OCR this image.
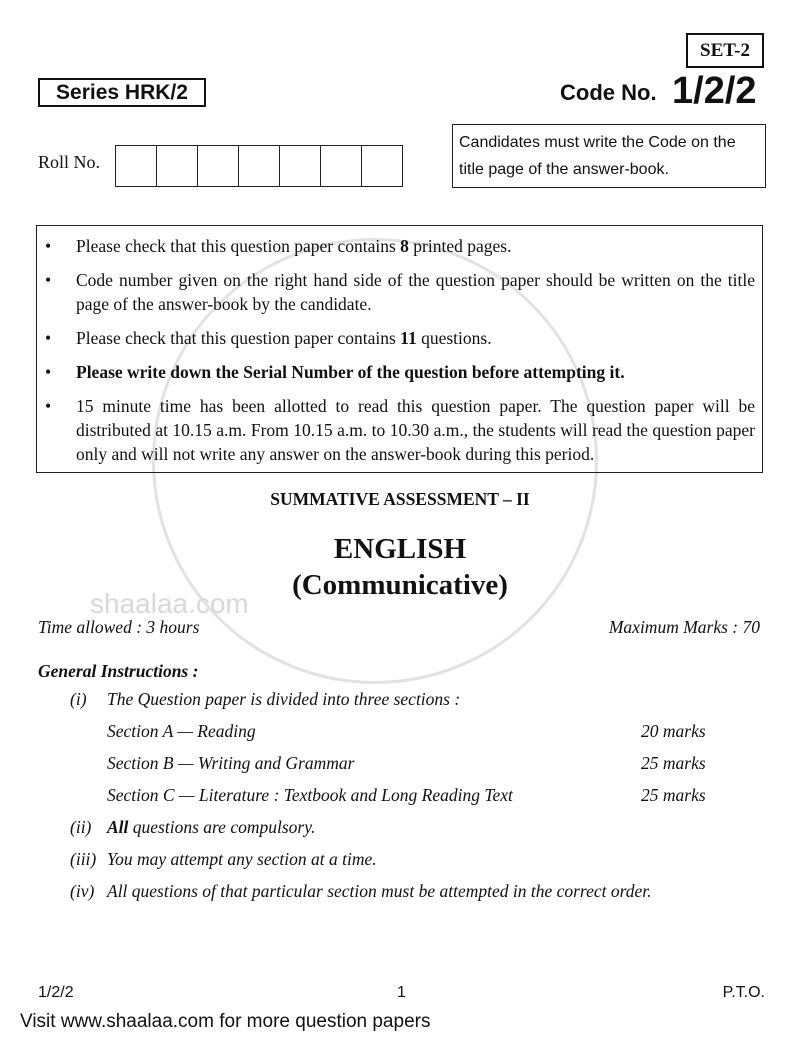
shaalaa.com
SET-2
Series HRK/2	Code No. 1/2/2
Roll No.
Candidates must write the Code on the
title page of the answer-book.
• Please check that this question paper contains 8 printed pages.
• Code number given on the right hand side of the question paper should be written on the title page of the answer-book by the candidate.
• Please check that this question paper contains 11 questions.
• Please write down the Serial Number of the question before attempting it.
• 15 minute time has been allotted to read this question paper. The question paper will be distributed at 10.15 a.m. From 10.15 a.m. to 10.30 a.m., the students will read the question paper only and will not write any answer on the answer-book during this period.
SUMMATIVE ASSESSMENT – II
ENGLISH
(Communicative)
Time allowed : 3 hours	Maximum Marks : 70
General Instructions :
(i)	The Question paper is divided into three sections :
Section A — Reading	20 marks
Section B — Writing and Grammar	25 marks
Section C — Literature : Textbook and Long Reading Text	25 marks
(ii) All questions are compulsory.
(iii) You may attempt any section at a time.
(iv) All questions of that particular section must be attempted in the correct order.
1/2/2	1	P.T.O.
Visit www.shaalaa.com for more question papers
